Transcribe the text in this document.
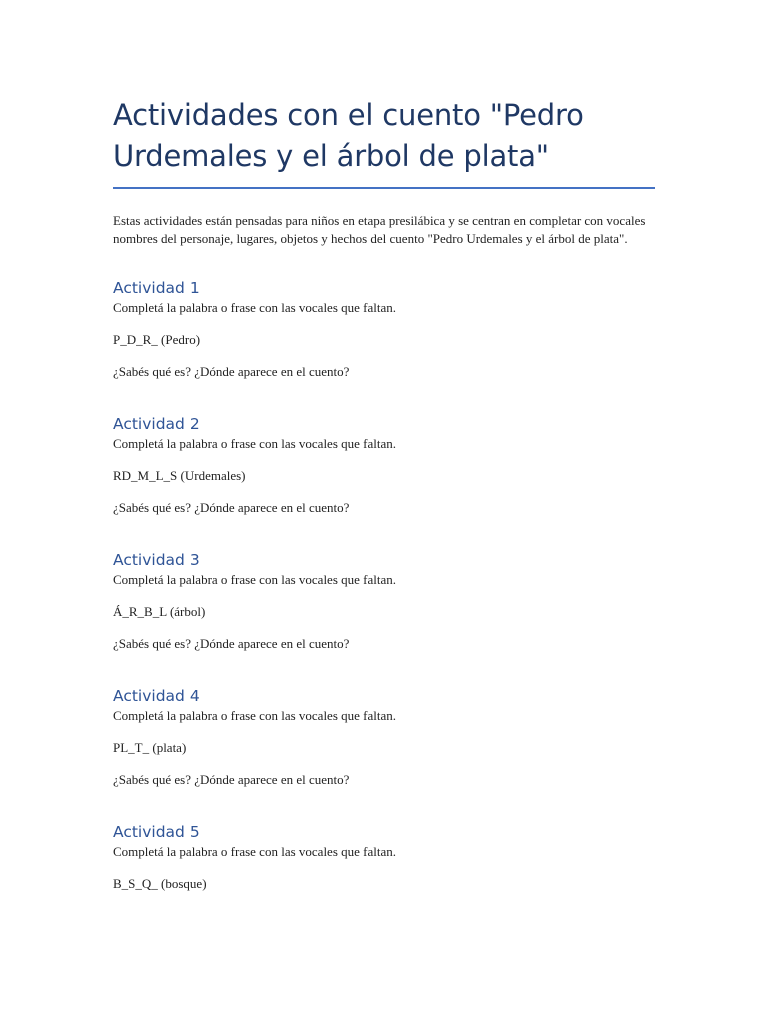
Actividades con el cuento "Pedro Urdemales y el árbol de plata"

Estas actividades están pensadas para niños en etapa presilábica y se centran en completar con vocales nombres del personaje, lugares, objetos y hechos del cuento "Pedro Urdemales y el árbol de plata".

Actividad 1

Completá la palabra o frase con las vocales que faltan.

P_D_R_ (Pedro)

¿Sabés qué es? ¿Dónde aparece en el cuento?

Actividad 2

Completá la palabra o frase con las vocales que faltan.

RD_M_L_S (Urdemales)

¿Sabés qué es? ¿Dónde aparece en el cuento?

Actividad 3

Completá la palabra o frase con las vocales que faltan.

Á_R_B_L (árbol)

¿Sabés qué es? ¿Dónde aparece en el cuento?

Actividad 4

Completá la palabra o frase con las vocales que faltan.

PL_T_ (plata)

¿Sabés qué es? ¿Dónde aparece en el cuento?

Actividad 5

Completá la palabra o frase con las vocales que faltan.

B_S_Q_ (bosque)
